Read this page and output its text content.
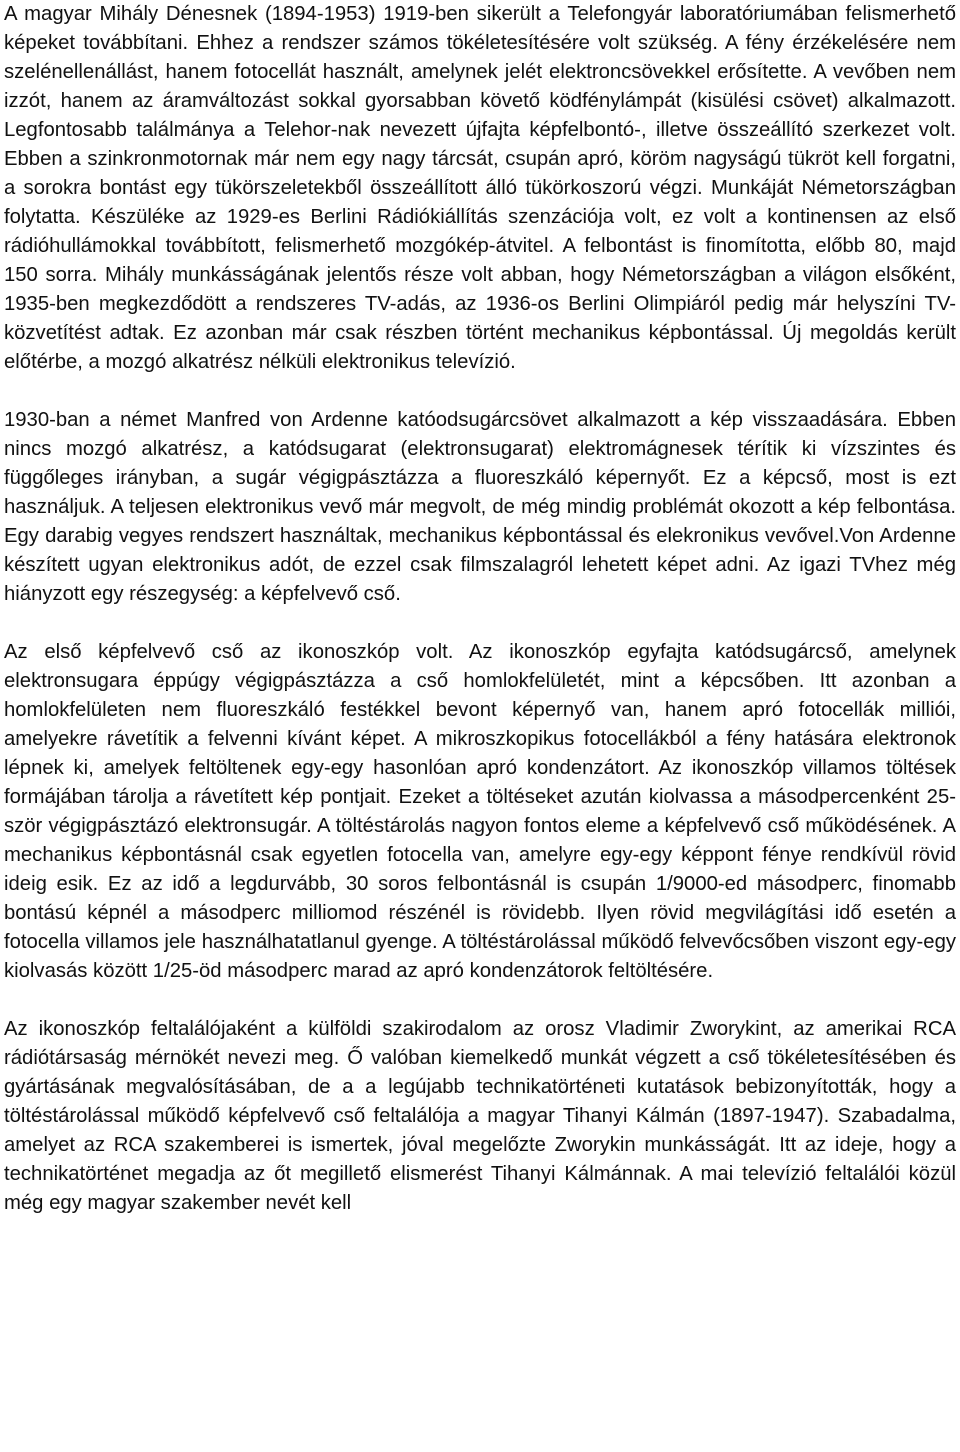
A magyar Mihály Dénesnek (1894-1953) 1919-ben sikerült a Telefongyár laboratóriumában felismerhető képeket továbbítani. Ehhez a rendszer számos tökéletesítésére volt szükség. A fény érzékelésére nem szelénellenállást, hanem fotocellát használt, amelynek jelét elektroncsövekkel erősítette. A vevőben nem izzót, hanem az áramváltozást sokkal gyorsabban követő ködfénylámpát (kisülési csövet) alkalmazott. Legfontosabb találmánya a Telehor-nak nevezett újfajta képfelbontó-, illetve összeállító szerkezet volt. Ebben a szinkronmotornak már nem egy nagy tárcsát, csupán apró, köröm nagyságú tükröt kell forgatni, a sorokra bontást egy tükörszeletekből összeállított álló tükörkoszorú végzi. Munkáját Németországban folytatta. Készüléke az 1929-es Berlini Rádiókiállítás szenzációja volt, ez volt a kontinensen az első rádióhullámokkal továbbított, felismerhető mozgókép-átvitel. A felbontást is finomította, előbb 80, majd 150 sorra. Mihály munkásságának jelentős része volt abban, hogy Németországban a világon elsőként, 1935-ben megkezdődött a rendszeres TV-adás, az 1936-os Berlini Olimpiáról pedig már helyszíni TV-közvetítést adtak. Ez azonban már csak részben történt mechanikus képbontással. Új megoldás került előtérbe, a mozgó alkatrész nélküli elektronikus televízió.

1930-ban a német Manfred von Ardenne katóodsugárcsövet alkalmazott a kép visszaadására. Ebben nincs mozgó alkatrész, a katódsugarat (elektronsugarat) elektromágnesek térítik ki vízszintes és függőleges irányban, a sugár végigpásztázza a fluoreszkáló képernyőt. Ez a képcső, most is ezt használjuk. A teljesen elektronikus vevő már megvolt, de még mindig problémát okozott a kép felbontása. Egy darabig vegyes rendszert használtak, mechanikus képbontással és elekronikus vevővel.Von Ardenne készített ugyan elektronikus adót, de ezzel csak filmszalagról lehetett képet adni. Az igazi TVhez még hiányzott egy részegység: a képfelvevő cső.

Az első képfelvevő cső az ikonoszkóp volt. Az ikonoszkóp egyfajta katódsugárcső, amelynek elektronsugara éppúgy végigpásztázza a cső homlokfelületét, mint a képcsőben. Itt azonban a homlokfelületen nem fluoreszkáló festékkel bevont képernyő van, hanem apró fotocellák milliói, amelyekre rávetítik a felvenni kívánt képet. A mikroszkopikus fotocellákból a fény hatására elektronok lépnek ki, amelyek feltöltenek egy-egy hasonlóan apró kondenzátort. Az ikonoszkóp villamos töltések formájában tárolja a rávetített kép pontjait. Ezeket a töltéseket azután kiolvassa a másodpercenként 25-ször végigpásztázó elektronsugár. A töltéstárolás nagyon fontos eleme a képfelvevő cső működésének. A mechanikus képbontásnál csak egyetlen fotocella van, amelyre egy-egy képpont fénye rendkívül rövid ideig esik. Ez az idő a legdurvább, 30 soros felbontásnál is csupán 1/9000-ed másodperc, finomabb bontású képnél a másodperc milliomod részénél is rövidebb. Ilyen rövid megvilágítási idő esetén a fotocella villamos jele használhatatlanul gyenge. A töltéstárolással működő felvevőcsőben viszont egy-egy kiolvasás között 1/25-öd másodperc marad az apró kondenzátorok feltöltésére.

Az ikonoszkóp feltalálójaként a külföldi szakirodalom az orosz Vladimir Zworykint, az amerikai RCA rádiótársaság mérnökét nevezi meg. Ő valóban kiemelkedő munkát végzett a cső tökéletesítésében és gyártásának megvalósításában, de a a legújabb technikatörténeti kutatások bebizonyították, hogy a töltéstárolással működő képfelvevő cső feltalálója a magyar Tihanyi Kálmán (1897-1947). Szabadalma, amelyet az RCA szakemberei is ismertek, jóval megelőzte Zworykin munkásságát. Itt az ideje, hogy a technikatörténet megadja az őt megillető elismerést Tihanyi Kálmánnak. A mai televízió feltalálói közül még egy magyar szakember nevét kell
